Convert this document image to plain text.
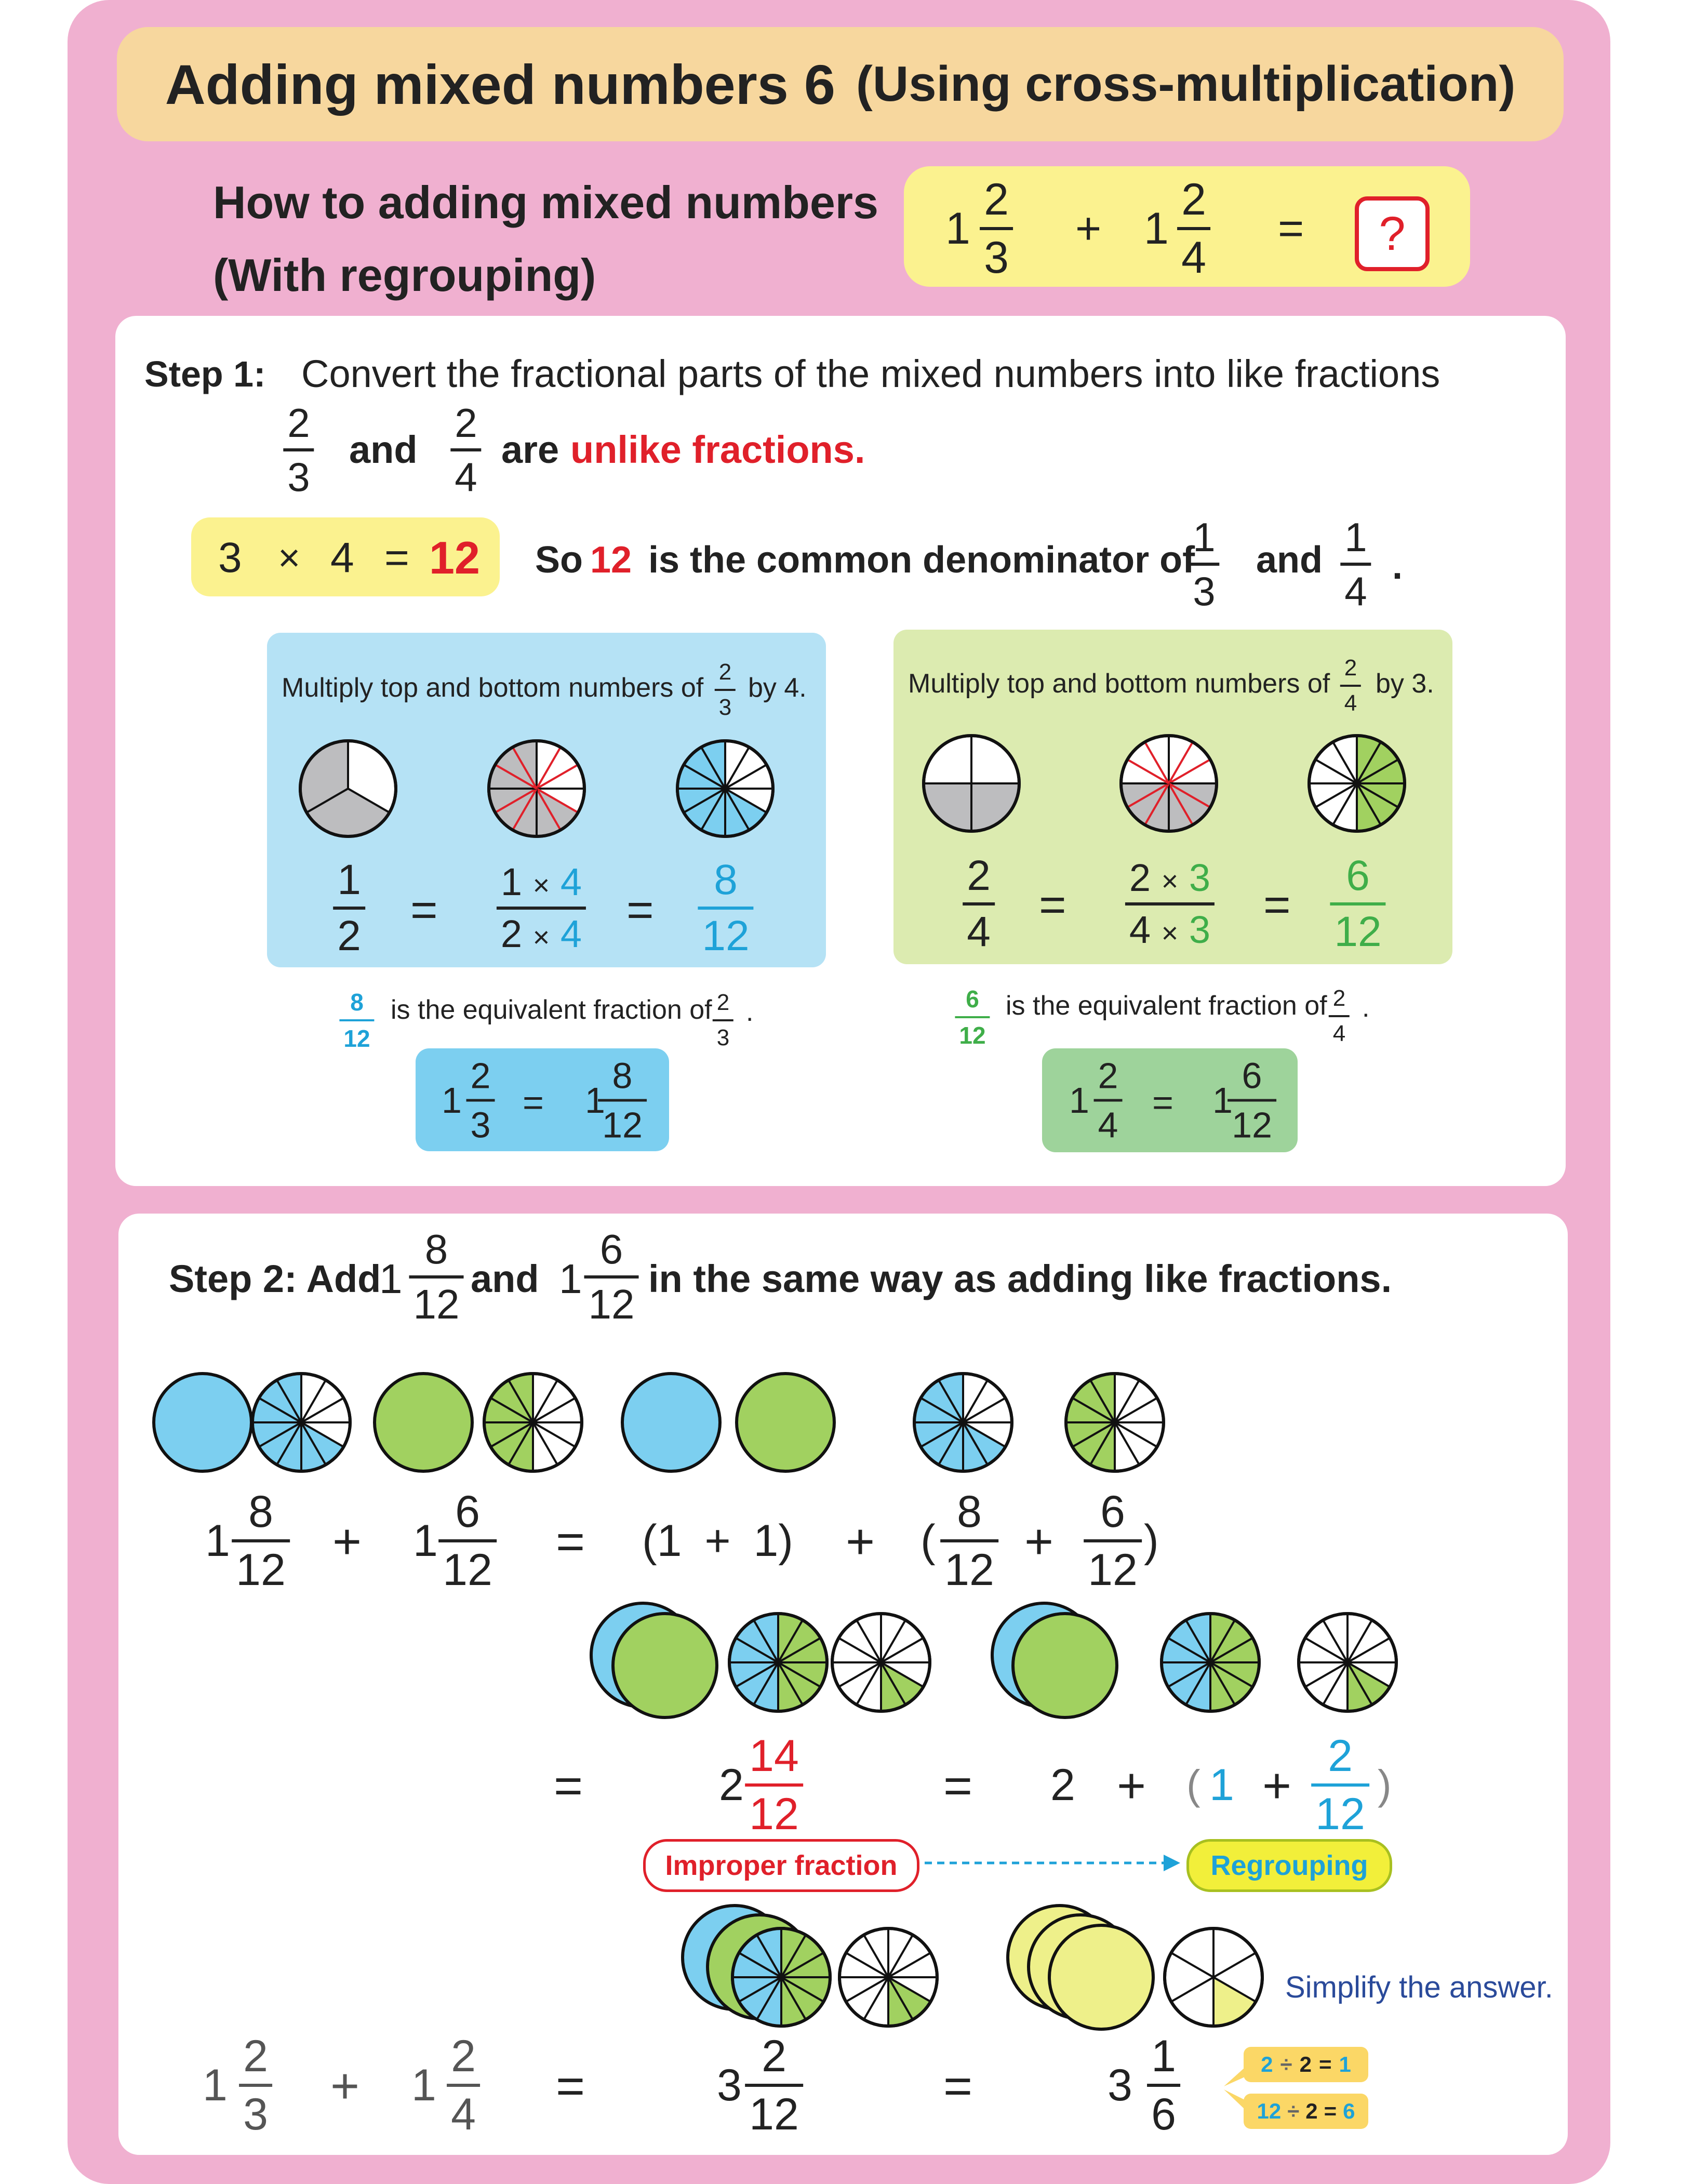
Adding mixed numbers 6 (Using cross-multiplication)
How to adding mixed numbers
(With regrouping)
$1 \frac{2}{3} + 1 \frac{2}{4}$ =	?
Step 1: Convert the fractional parts of the mixed numbers into like fractions
$\frac{2}{3}$ and $\frac{2}{4}$ are unlike fractions.
3 × 4 = 12 So 12 is the common denominator of
$\frac{1}{3}$ and $\frac{1}{4}$ .
Multiply top and bottom numbers of $\frac{2}{3}$ by 4.
$\frac{1}{2} = \frac{1 \times 4}{2 \times 4} = \frac{8}{12}$
$\frac{8}{12}$ is the equivalent fraction of $\frac{2}{3}$ .
$1 \frac{2}{3} = 1$
$\frac{8}{12}$
Multiply top and bottom numbers of $\frac{2}{4}$ by 3.
$\frac{2}{4} = \frac{2 \times 3}{4 \times 3} = \frac{6}{12}$
$\frac{6}{12}$ is the equivalent fraction of $\frac{2}{4}$ .
$1 \frac{2}{4} = 1$
$\frac{6}{12}$
Step 2: Add
$1 \frac{8}{12}$ and $1 \frac{6}{12}$ in the same way as adding like fractions.
$1 \frac{8}{12} + 1 \frac{6}{12} = (1 + 1)$ + ( $\frac{8}{12} + \frac{6}{12}$ )
=	$2 \frac{14}{12}$	= 2 + ( $1 + \frac{2}{12}$ )
Improper fraction	Regrouping
Simplify the answer.
$1 \frac{2}{3} + 1 \frac{2}{4}$ =	$3 \frac{2}{12}$	=	$3 \frac{1}{6}$	2 ÷ 2 = 1
12 ÷ 2 = 6
